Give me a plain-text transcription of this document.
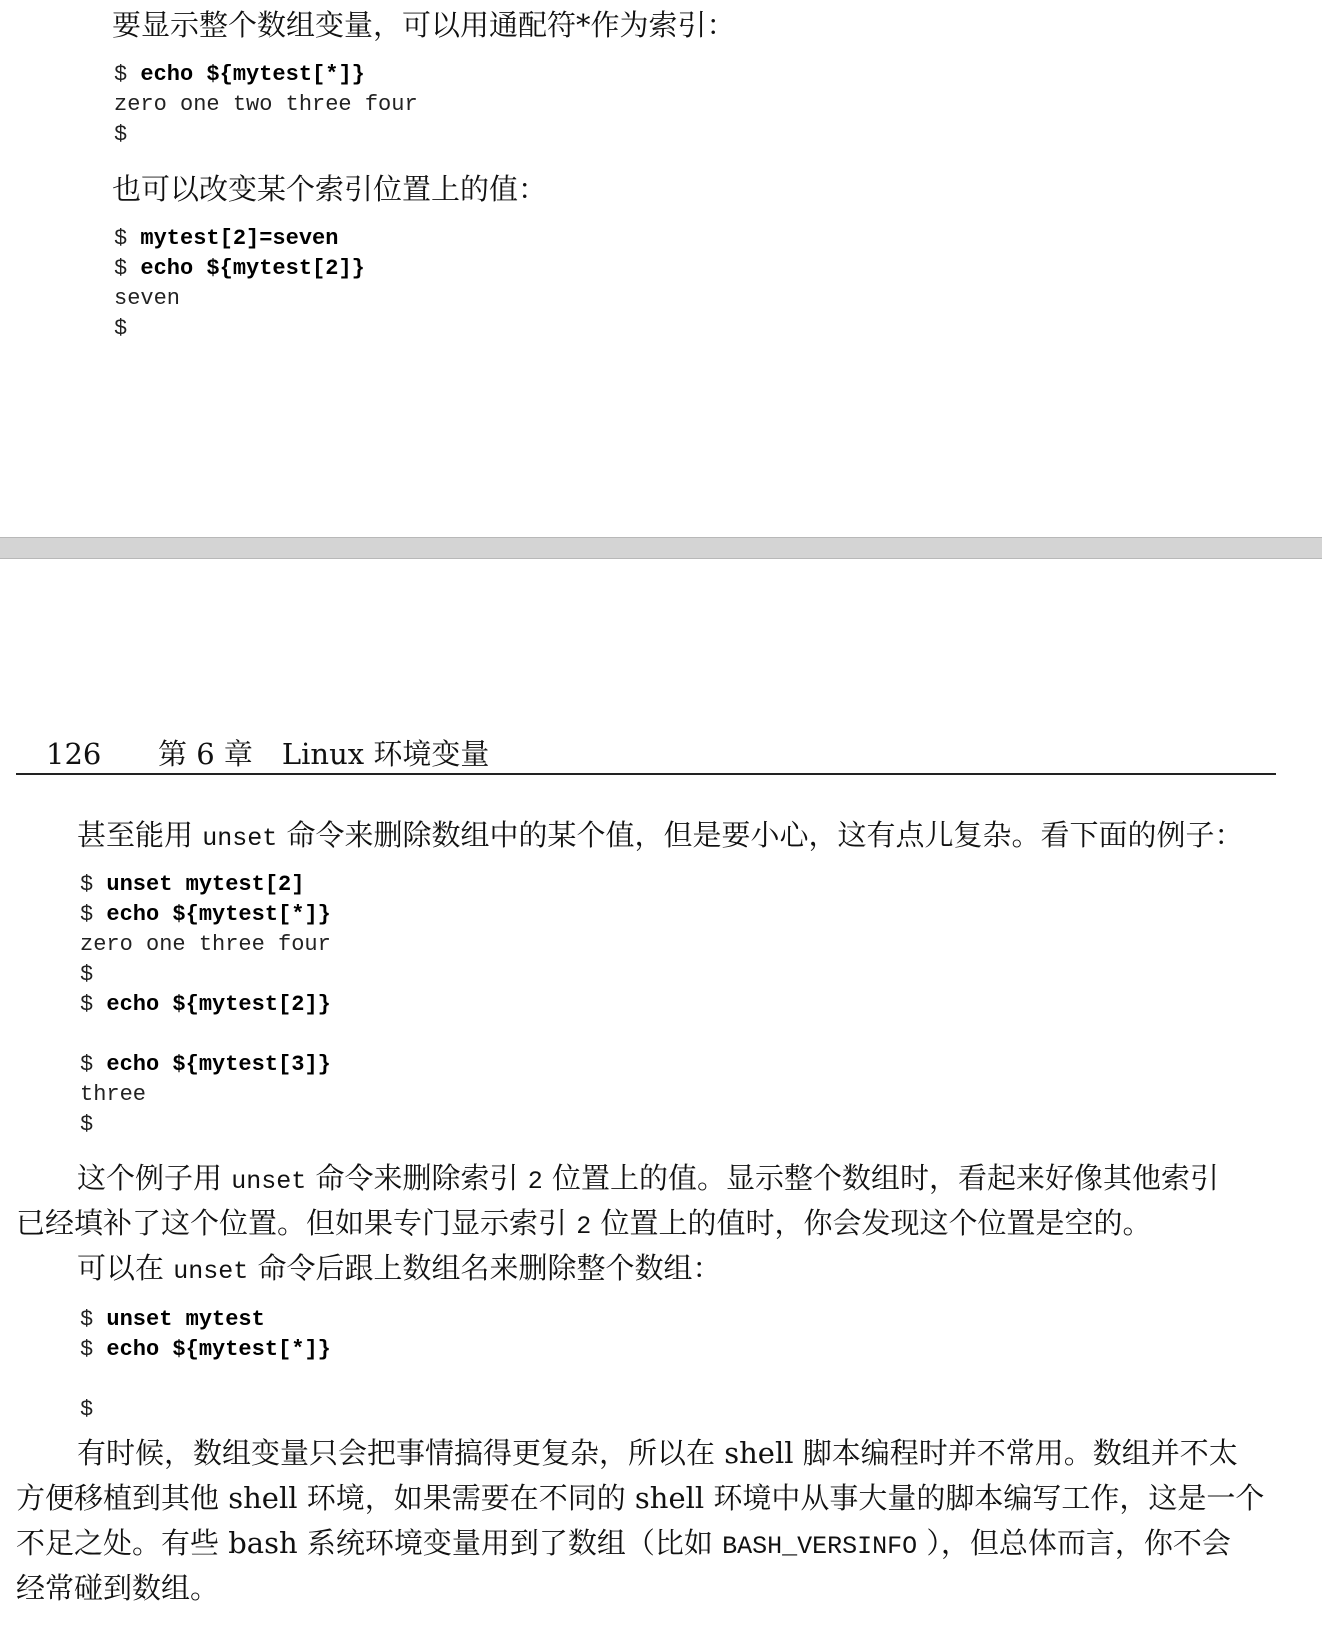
要显示整个数组变量，可以用通配符*作为索引：
$ echo ${mytest[*]}
zero one two three four
$
也可以改变某个索引位置上的值：
$ mytest[2]=seven
$ echo ${mytest[2]}
seven
$
126 第 6 章　Linux 环境变量
甚至能用 unset 命令来删除数组中的某个值，但是要小心，这有点儿复杂。看下面的例子：
$ unset mytest[2]
$ echo ${mytest[*]}
zero one three four
$
$ echo ${mytest[2]}

$ echo ${mytest[3]}
three
$
这个例子用 unset 命令来删除索引 2 位置上的值。显示整个数组时，看起来好像其他索引
已经填补了这个位置。但如果专门显示索引 2 位置上的值时，你会发现这个位置是空的。
可以在 unset 命令后跟上数组名来删除整个数组：
$ unset mytest
$ echo ${mytest[*]}

$
有时候，数组变量只会把事情搞得更复杂，所以在 shell 脚本编程时并不常用。数组并不太
方便移植到其他 shell 环境，如果需要在不同的 shell 环境中从事大量的脚本编写工作，这是一个
不足之处。有些 bash 系统环境变量用到了数组（比如 BASH_VERSINFO ），但总体而言，你不会
经常碰到数组。
